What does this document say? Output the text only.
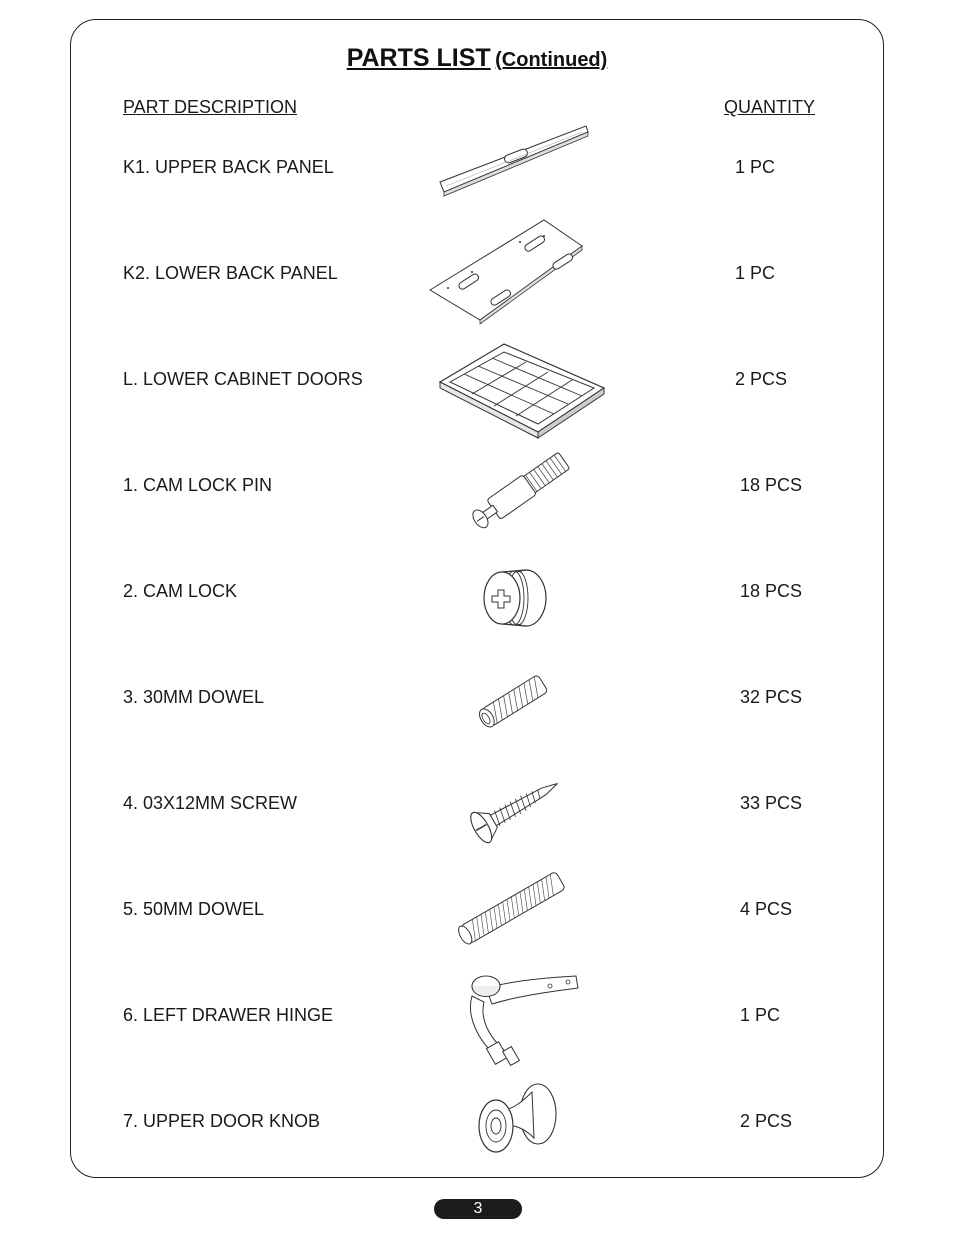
PARTS LIST (Continued)
PART DESCRIPTION	QUANTITY
K1. UPPER BACK PANEL	1 PC
K2. LOWER BACK PANEL	1 PC
L. LOWER CABINET DOORS	2 PCS
1. CAM LOCK PIN	18 PCS
2. CAM LOCK	18 PCS
3. 30MM DOWEL	32 PCS
4. 03X12MM SCREW	33 PCS
5. 50MM DOWEL	4 PCS
6. LEFT DRAWER HINGE	1 PC
7. UPPER DOOR KNOB	2 PCS
3
